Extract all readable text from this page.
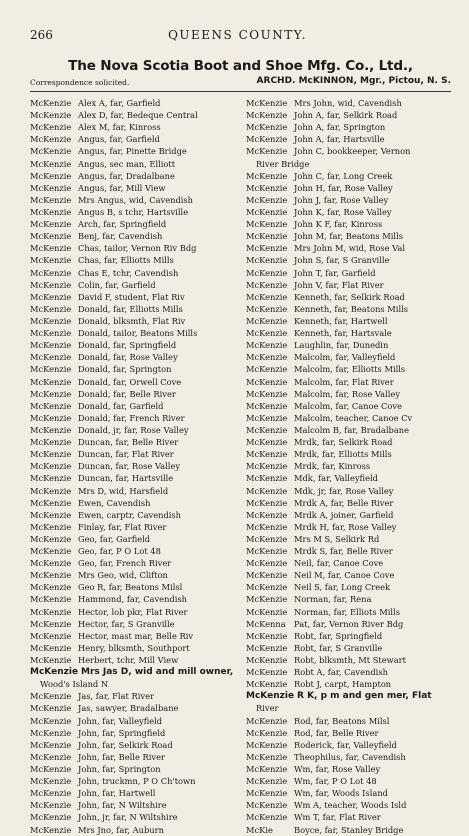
266	QUEENS COUNTY.
The Nova Scotia Boot and Shoe Mfg. Co., Ltd.,
Correspondence solicited.	ARCHD. McKINNON, Mgr., Pictou, N. S.
McKenzie Alex A, far, Garfield
McKenzie Alex D, far, Bedeque Central
McKenzie Alex M, far, Kinross
McKenzie Angus, far, Garfield
McKenzie Angus, far, Pinette Bridge
McKenzie Angus, sec man, Elliott
McKenzie Angus, far, Dradalbane
McKenzie Angus, far, Mill View
McKenzie Mrs Angus, wid, Cavendish
McKenzie Angus B, s tchr, Hartsville
McKenzie Arch, far, Springfield
McKenzie Benj, far, Cavendish
McKenzie Chas, tailor, Vernon Riv Bdg
McKenzie Chas, far, Elliotts Mills
McKenzie Chas E, tchr, Cavendish
McKenzie Colin, far, Garfield
McKenzie David F, student, Flat Riv
McKenzie Donald, far, Elliotts Mills
McKenzie Donald, blksmth, Flat Riv
McKenzie Donald, tailor, Beatons Mills
McKenzie Donald, far, Springfield
McKenzie Donald, far, Rose Valley
McKenzie Donald, far, Springton
McKenzie Donald, far, Orwell Cove
McKenzie Donald, far, Belle River
McKenzie Donald, far, Garfield
McKenzie Donald, far, French River
McKenzie Donald, jr, far, Rose Valley
McKenzie Duncan, far, Belle River
McKenzie Duncan, far, Flat River
McKenzie Duncan, far, Rose Valley
McKenzie Duncan, far, Hartsville
McKenzie Mrs D, wid, Harsfield
McKenzie Ewen, Cavendish
McKenzie Ewen, carptr, Cavendish
McKenzie Finlay, far, Flat River
McKenzie Geo, far, Garfield
McKenzie Geo, far, P O Lot 48
McKenzie Geo, far, French River
McKenzie Mrs Geo, wid, Clifton
McKenzie Geo R, far, Beatons Milsl
McKenzie Hammond, far, Cavendish
McKenzie Hector, lob pkr, Flat River
McKenzie Hector, far, S Granville
McKenzie Hector, mast mar, Belle Riv
McKenzie Henry, blksmth, Southport
McKenzie Herbert, tchr, Mill View
McKenzie Mrs Jas D, wid and mill owner,
Wood's Island N
McKenzie Jas, far, Flat River
McKenzie Jas, sawyer, Bradalbane
McKenzie John, far, Valleyfield
McKenzie John, far, Springfield
McKenzie John, far, Selkirk Road
McKenzie John, far, Belle River
McKenzie John, far, Springton
McKenzie John, truckmn, P O Ch'town
McKenzie John, far, Hartwell
McKenzie John, far, N Wiltshire
McKenzie John, jr, far, N Wiltshire
McKenzie Mrs Jno, far, Auburn
McKenzie Mrs John, wid, Cavendish
McKenzie John A, far, Selkirk Road
McKenzie John A, far, Springton
McKenzie John A, far, Hartsville
McKenzie John C, bookkeeper, Vernon
River Bridge
McKenzie John C, far, Long Creek
McKenzie John H, far, Rose Valley
McKenzie John J, far, Rose Valley
McKenzie John K, far, Rose Valley
McKenzie John K F, far, Kinross
McKenzie John M, far, Beatons Mills
McKenzie Mrs John M, wid, Rose Val
McKenzie John S, far, S Granville
McKenzie John T, far, Garfield
McKenzie John V, far, Flat River
McKenzie Kenneth, far, Selkirk Road
McKenzie Kenneth, far, Beatons Mills
McKenzie Kenneth, far, Hartwell
McKenzie Kenneth, far, Hartsvale
McKenzie Laughlin, far, Dunedin
McKenzie Malcolm, far, Valleyfield
McKenzie Malcolm, far, Elliotts Mills
McKenzie Malcolm, far, Flat River
McKenzie Malcolm, far, Rose Valley
McKenzie Malcolm, far, Canoe Cove
McKenzie Malcolm, teacher, Canoe Cv
McKenzie Malcolm B, far, Bradalbane
McKenzie Mrdk, far, Selkirk Road
McKenzie Mrdk, far, Elliotts Mills
McKenzie Mrdk, far, Kinross
McKenzie Mdk, far, Valleyfield
McKenzie Mdk, jr, far, Rose Valley
McKenzie Mrdk A, far, Belle River
McKenzie Mrdk A, joiner, Garfield
McKenzie Mrdk H, far, Rose Valley
McKenzie Mrs M S, Selkirk Rd
McKenzie Mrdk S, far, Belle River
McKenzie Neil, far, Canoe Cove
McKenzie Neil M, far, Canoe Cove
McKenzie Neil S, far, Long Creek
McKenzie Norman, far, Rena
McKenzie Norman, far, Elliots Mills
McKenna Pat, far, Vernon River Bdg
McKenzie Robt, far, Springfield
McKenzie Robt, far, S Granville
McKenzie Robt, blksmth, Mt Stewart
McKenzie Robt A, far, Cavendish
McKenzie Robt J, carpt, Hampton
McKenzie R K, p m and gen mer, Flat
River
McKenzie Rod, far, Beatons Milsl
McKenzie Rod, far, Belle River
McKenzie Roderick, far, Valleyfield
McKenzie Theophilus, far, Cavendish
McKenzie Wm, far, Rose Valley
McKenzie Wm, far, P O Lot 48
McKenzie Wm, far, Woods Island
McKenzie Wm A, teacher, Woods Isld
McKenzie Wm T, far, Flat River
McKie	Boyce, far, Stanley Bridge
